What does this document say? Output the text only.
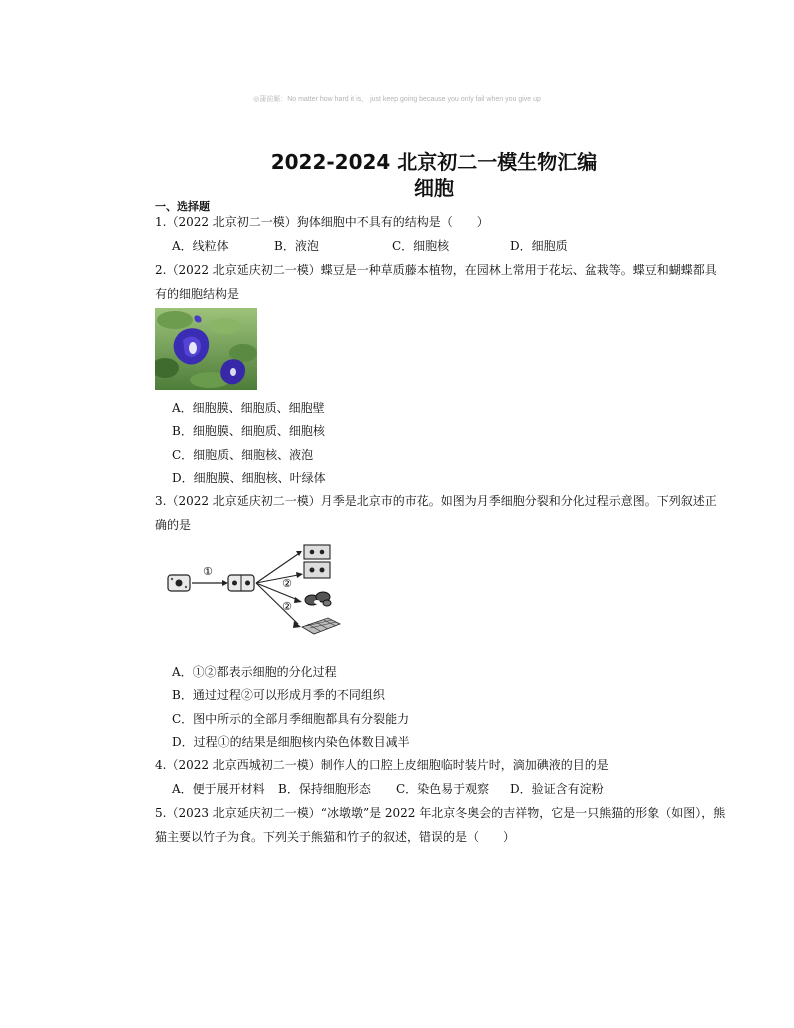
◎蒲前厮：No matter how hard it is， just keep going because you only fail when you give up
2022-2024 北京初二一模生物汇编
细胞
一、选择题
1.（2022 北京初二一模）狗体细胞中不具有的结构是（　　）
A．线粒体	B．液泡	C．细胞核	D．细胞质
2.（2022 北京延庆初二一模）蝶豆是一种草质藤本植物，在园林上常用于花坛、盆栽等。蝶豆和蝴蝶都具
有的细胞结构是
A．细胞膜、细胞质、细胞壁
B．细胞膜、细胞质、细胞核
C．细胞质、细胞核、液泡
D．细胞膜、细胞核、叶绿体
3.（2022 北京延庆初二一模）月季是北京市的市花。如图为月季细胞分裂和分化过程示意图。下列叙述正
确的是
①
②
②
A．①②都表示细胞的分化过程
B．通过过程②可以形成月季的不同组织
C．图中所示的全部月季细胞都具有分裂能力
D．过程①的结果是细胞核内染色体数目减半
4.（2022 北京西城初二一模）制作人的口腔上皮细胞临时装片时，滴加碘液的目的是
A．便于展开材料 B．保持细胞形态 C．染色易于观察 D．验证含有淀粉
5.（2023 北京延庆初二一模）“冰墩墩”是 2022 年北京冬奥会的吉祥物，它是一只熊猫的形象（如图），熊
猫主要以竹子为食。下列关于熊猫和竹子的叙述，错误的是（　　）
